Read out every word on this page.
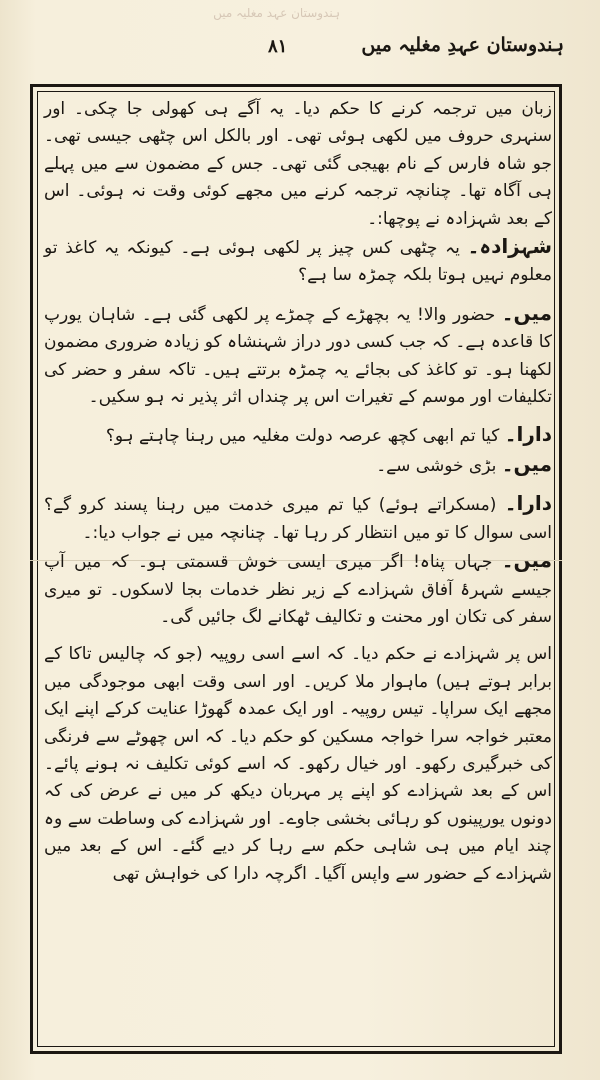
ہندوستان عہد مغلیہ میں
۸۱	ہندوستان عہدِ مغلیہ میں

زبان میں ترجمہ کرنے کا حکم دیا۔ یہ آگے ہی کھولی جا چکی۔ اور سنہری حروف میں لکھی ہوئی تھی۔ اور بالکل اس چٹھی جیسی تھی۔ جو شاہ فارس کے نام بھیجی گئی تھی۔ جس کے مضمون سے میں پہلے ہی آگاہ تھا۔ چنانچہ ترجمہ کرنے میں مجھے کوئی وقت نہ ہوئی۔ اس کے بعد شہزادہ نے پوچھا:۔

شہزادہ۔ یہ چٹھی کس چیز پر لکھی ہوئی ہے۔ کیونکہ یہ کاغذ تو معلوم نہیں ہوتا بلکہ چمڑہ سا ہے؟

میں۔ حضور والا! یہ بچھڑے کے چمڑے پر لکھی گئی ہے۔ شاہان یورپ کا قاعدہ ہے۔ کہ جب کسی دور دراز شہنشاہ کو زیادہ ضروری مضمون لکھنا ہو۔ تو کاغذ کی بجائے یہ چمڑہ برتتے ہیں۔ تاکہ سفر و حضر کی تکلیفات اور موسم کے تغیرات اس پر چنداں اثر پذیر نہ ہو سکیں۔

دارا۔ کیا تم ابھی کچھ عرصہ دولت مغلیہ میں رہنا چاہتے ہو؟

میں۔ بڑی خوشی سے۔

دارا۔ (مسکراتے ہوئے) کیا تم میری خدمت میں رہنا پسند کرو گے؟ اسی سوال کا تو میں انتظار کر رہا تھا۔ چنانچہ میں نے جواب دیا:۔

میں۔ جہاں پناہ! اگر میری ایسی خوش قسمتی ہو۔ کہ میں آپ جیسے شہرۂ آفاق شہزادے کے زیر نظر خدمات بجا لاسکوں۔ تو میری سفر کی تکان اور محنت و تکالیف ٹھکانے لگ جائیں گی۔

اس پر شہزادے نے حکم دیا۔ کہ اسے اسی روپیہ (جو کہ چالیس تاکا کے برابر ہوتے ہیں) ماہوار ملا کریں۔ اور اسی وقت ابھی موجودگی میں مجھے ایک سراپا۔ تیس روپیہ۔ اور ایک عمدہ گھوڑا عنایت کرکے اپنے ایک معتبر خواجہ سرا خواجہ مسکین کو حکم دیا۔ کہ اس چھوٹے سے فرنگی کی خبرگیری رکھو۔ اور خیال رکھو۔ کہ اسے کوئی تکلیف نہ ہونے پائے۔ اس کے بعد شہزادے کو اپنے پر مہربان دیکھ کر میں نے عرض کی کہ دونوں یورپینوں کو رہائی بخشی جاوے۔ اور شہزادے کی وساطت سے وہ چند ایام میں ہی شاہی حکم سے رہا کر دیے گئے۔ اس کے بعد میں شہزادے کے حضور سے واپس آگیا۔ اگرچہ دارا کی خواہش تھی
